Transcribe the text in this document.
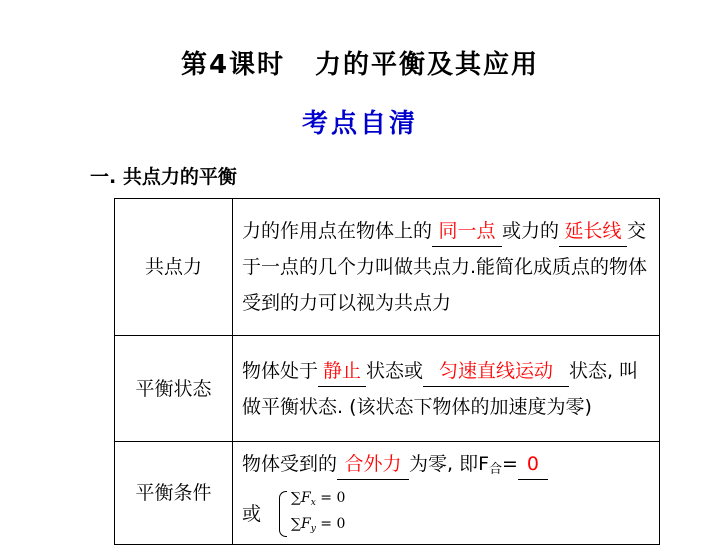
第4课时 力的平衡及其应用
考点自清
一. 共点力的平衡
共点力	力的作用点在物体上的 同一点 或力的 延长线 交于一点的几个力叫做共点力.能简化成质点的物体受到的力可以视为共点力
平衡状态	物体处于 静止 状态或 匀速直线运动 状态, 叫做平衡状态. (该状态下物体的加速度为零)
平衡条件	物体受到的 合外力 为零, 即$F_合= 0$
或
$\sum F_x = 0$
$\sum F_y = 0$
